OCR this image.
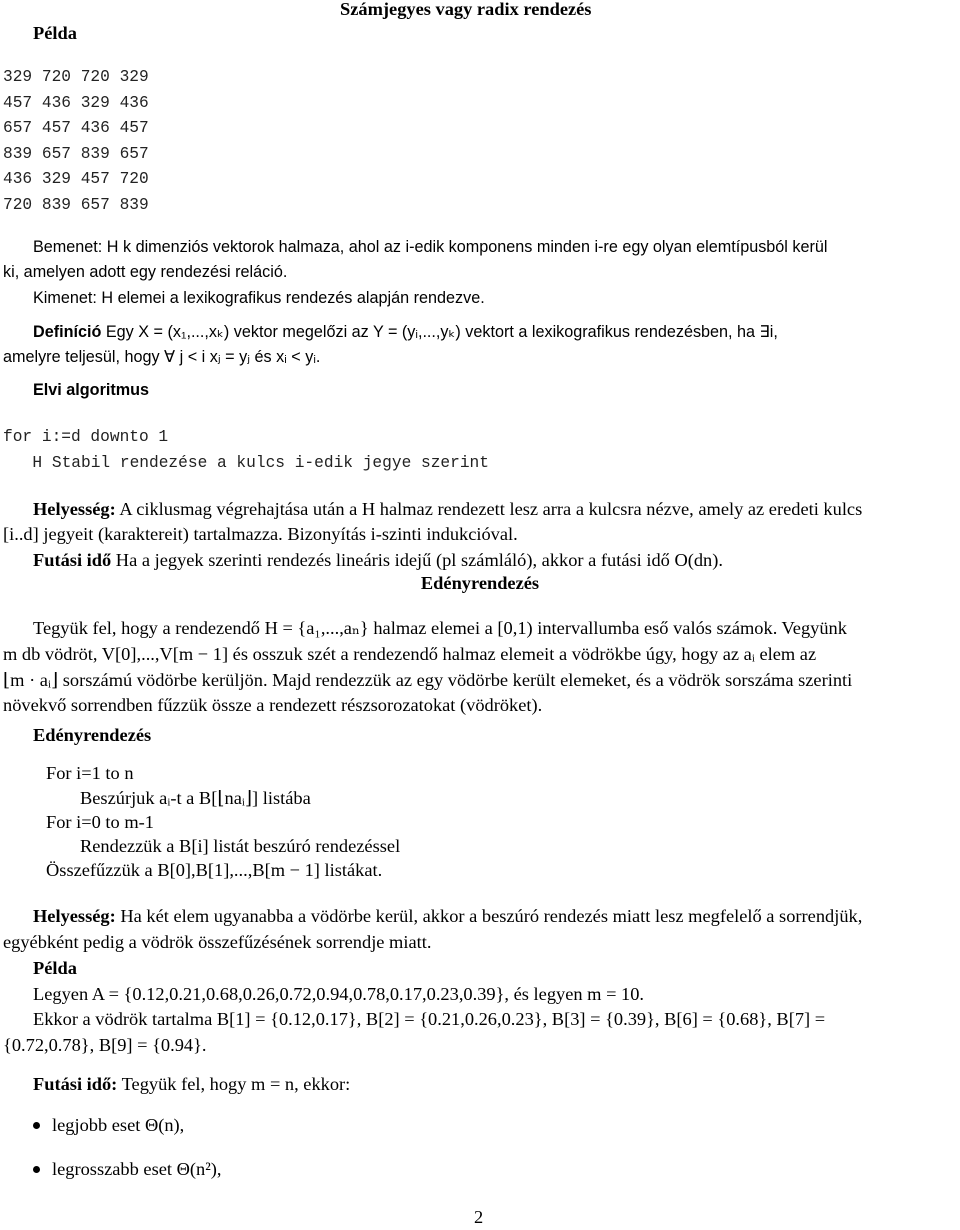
Példa
Számjegyes vagy radix rendezés
329 720 720 329
457 436 329 436
657 457 436 457
839 657 839 657
436 329 457 720
720 839 657 839
Bemenet: H k dimenziós vektorok halmaza, ahol az i-edik komponens minden i-re egy olyan elemtípusból kerül
ki, amelyen adott egy rendezési reláció.
Kimenet: H elemei a lexikografikus rendezés alapján rendezve.
Definíció Egy X = (x₁,...,xₖ) vektor megelőzi az Y = (yᵢ,...,yₖ) vektort a lexikografikus rendezésben, ha ∃i,
amelyre teljesül, hogy ∀ j < i xⱼ = yⱼ és xᵢ < yᵢ.
Elvi algoritmus
for i:=d downto 1
H Stabil rendezése a kulcs i-edik jegye szerint
Helyesség: A ciklusmag végrehajtása után a H halmaz rendezett lesz arra a kulcsra nézve, amely az eredeti kulcs
[i..d] jegyeit (karaktereit) tartalmazza. Bizonyítás i-szinti indukcióval.
Futási idő Ha a jegyek szerinti rendezés lineáris idejű (pl számláló), akkor a futási idő O(dn).
Edényrendezés
Tegyük fel, hogy a rendezendő H = {a₁,...,aₙ} halmaz elemei a [0,1) intervallumba eső valós számok. Vegyünk
m db vödröt, V[0],...,V[m − 1] és osszuk szét a rendezendő halmaz elemeit a vödrökbe úgy, hogy az aᵢ elem az
⌊m · aᵢ⌋ sorszámú vödörbe kerüljön. Majd rendezzük az egy vödörbe került elemeket, és a vödrök sorszáma szerinti
növekvő sorrendben fűzzük össze a rendezett részsorozatokat (vödröket).
Edényrendezés
For i=1 to n
Beszúrjuk aᵢ-t a B[⌊naᵢ⌋] listába
For i=0 to m-1
Rendezzük a B[i] listát beszúró rendezéssel
Összefűzzük a B[0],B[1],...,B[m − 1] listákat.
Helyesség: Ha két elem ugyanabba a vödörbe kerül, akkor a beszúró rendezés miatt lesz megfelelő a sorrendjük,
egyébként pedig a vödrök összefűzésének sorrendje miatt.
Példa
Legyen A = {0.12,0.21,0.68,0.26,0.72,0.94,0.78,0.17,0.23,0.39}, és legyen m = 10.
Ekkor a vödrök tartalma B[1] = {0.12,0.17}, B[2] = {0.21,0.26,0.23}, B[3] = {0.39}, B[6] = {0.68}, B[7] =
{0.72,0.78}, B[9] = {0.94}.
Futási idő: Tegyük fel, hogy m = n, ekkor:
legjobb eset Θ(n),
legrosszabb eset Θ(n²),
2
